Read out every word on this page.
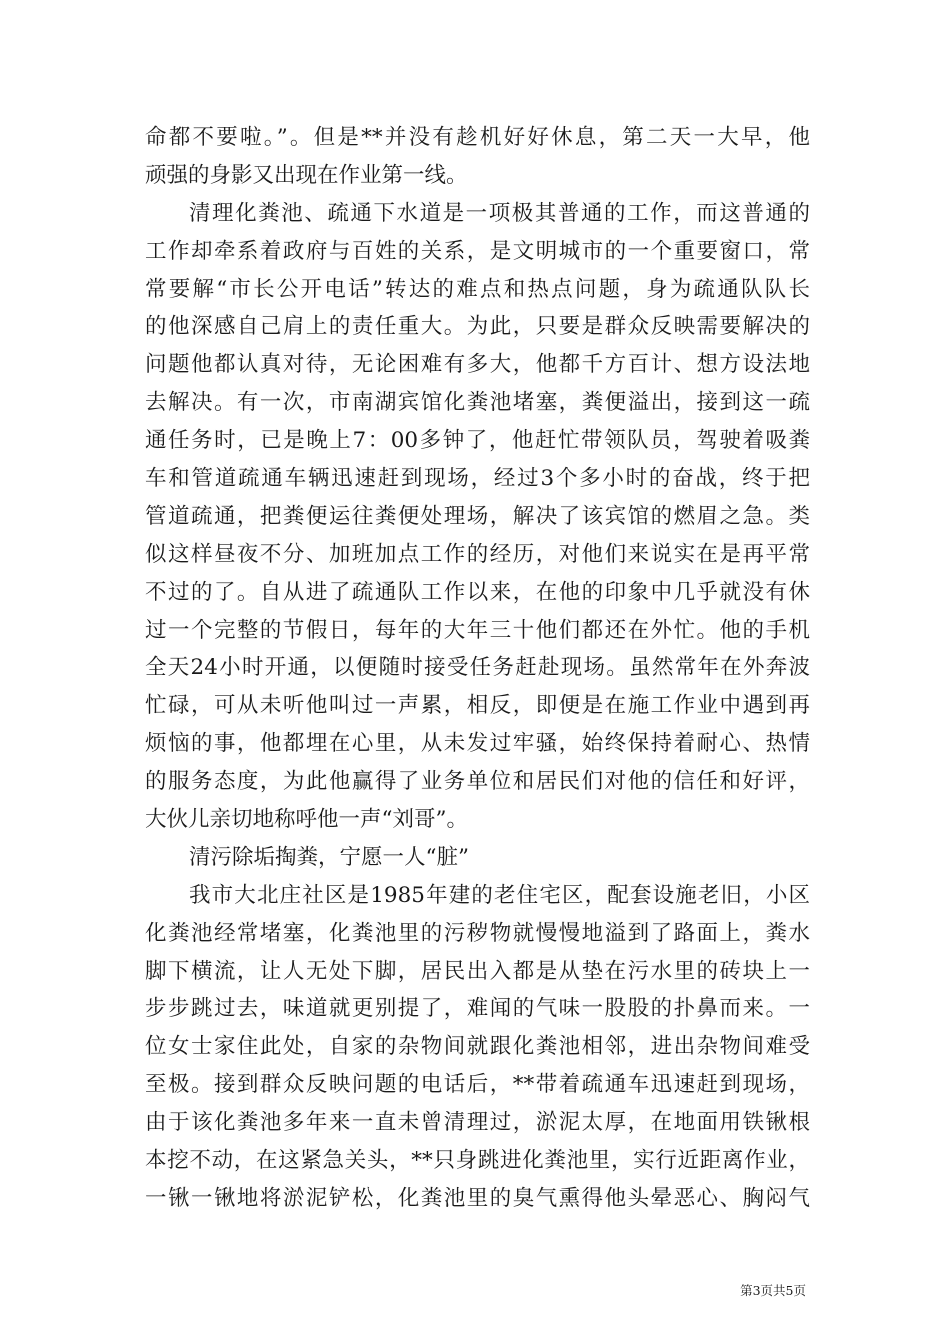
命都不要啦。”。但是**并没有趁机好好休息，第二天一大早，他
顽强的身影又出现在作业第一线。
清理化粪池、疏通下水道是一项极其普通的工作，而这普通的
工作却牵系着政府与百姓的关系，是文明城市的一个重要窗口，常
常要解“市长公开电话”转达的难点和热点问题，身为疏通队队长
的他深感自己肩上的责任重大。为此，只要是群众反映需要解决的
问题他都认真对待，无论困难有多大，他都千方百计、想方设法地
去解决。有一次，市南湖宾馆化粪池堵塞，粪便溢出，接到这一疏
通任务时，已是晚上7：00多钟了，他赶忙带领队员，驾驶着吸粪
车和管道疏通车辆迅速赶到现场，经过3个多小时的奋战，终于把
管道疏通，把粪便运往粪便处理场，解决了该宾馆的燃眉之急。类
似这样昼夜不分、加班加点工作的经历，对他们来说实在是再平常
不过的了。自从进了疏通队工作以来，在他的印象中几乎就没有休
过一个完整的节假日，每年的大年三十他们都还在外忙。他的手机
全天24小时开通，以便随时接受任务赶赴现场。虽然常年在外奔波
忙碌，可从未听他叫过一声累，相反，即便是在施工作业中遇到再
烦恼的事，他都埋在心里，从未发过牢骚，始终保持着耐心、热情
的服务态度，为此他赢得了业务单位和居民们对他的信任和好评，
大伙儿亲切地称呼他一声“刘哥”。
清污除垢掏粪，宁愿一人“脏”
我市大北庄社区是1985年建的老住宅区，配套设施老旧，小区
化粪池经常堵塞，化粪池里的污秽物就慢慢地溢到了路面上，粪水
脚下横流，让人无处下脚，居民出入都是从垫在污水里的砖块上一
步步跳过去，味道就更别提了，难闻的气味一股股的扑鼻而来。一
位女士家住此处，自家的杂物间就跟化粪池相邻，进出杂物间难受
至极。接到群众反映问题的电话后，**带着疏通车迅速赶到现场，
由于该化粪池多年来一直未曾清理过，淤泥太厚，在地面用铁锹根
本挖不动，在这紧急关头，**只身跳进化粪池里，实行近距离作业，
一锹一锹地将淤泥铲松，化粪池里的臭气熏得他头晕恶心、胸闷气
第3页共5页
